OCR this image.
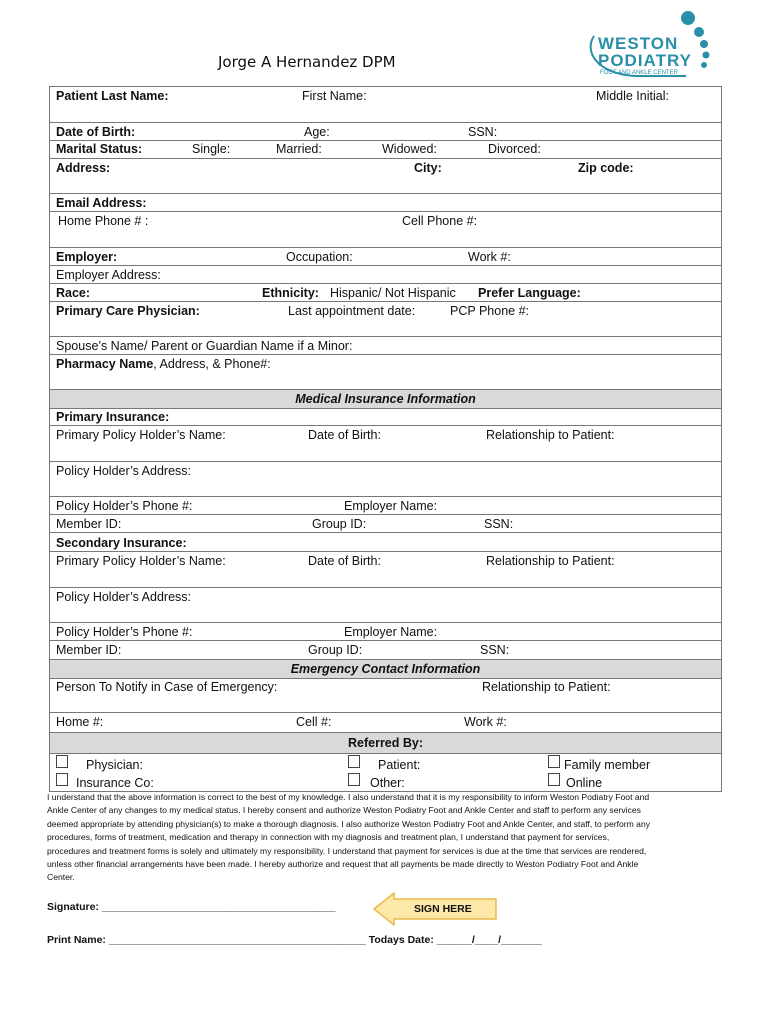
Jorge A Hernandez DPM
WESTON
PODIATRY
FOOT AND ANKLE CENTER
Patient Last Name:	First Name:	Middle Initial:
Date of Birth:	Age:	SSN:
Marital Status:	Single:	Married:	Widowed:	Divorced:
Address:	City:	Zip code:
Email Address:
Home Phone # :	Cell Phone #:
Employer:	Occupation:	Work #:
Employer Address:
Race:	Ethnicity: Hispanic/ Not Hispanic Prefer Language:
Primary Care Physician:	Last appointment date:	PCP Phone #:
Spouse’s Name/ Parent or Guardian Name if a Minor:
Pharmacy Name, Address, & Phone#:
Medical Insurance Information
Primary Insurance:
Primary Policy Holder’s Name:	Date of Birth:	Relationship to Patient:
Policy Holder’s Address:
Policy Holder’s Phone #:	Employer Name:
Member ID:	Group ID:	SSN:
Secondary Insurance:
Primary Policy Holder’s Name:	Date of Birth:	Relationship to Patient:
Policy Holder’s Address:
Policy Holder’s Phone #:	Employer Name:
Member ID:	Group ID:	SSN:
Emergency Contact Information
Person To Notify in Case of Emergency:	Relationship to Patient:
Home #:	Cell #:	Work #:
Referred By:
Physician:	Patient:	Family member
Insurance Co:	Other:	Online
I understand that the above information is correct to the best of my knowledge. I also understand that it is my responsibility to inform Weston Podiatry Foot and Ankle Center of any changes to my medical status. I hereby consent and authorize Weston Podiatry Foot and Ankle Center and staff to perform any services deemed appropriate by attending physician(s) to make a thorough diagnosis. I also authorize Weston Podiatry Foot and Ankle Center, and staff, to perform any procedures, forms of treatment, medication and therapy in connection with my diagnosis and treatment plan, I understand that payment for services, procedures and treatment forms is solely and ultimately my responsibility. I understand that payment for services is due at the time that services are rendered, unless other financial arrangements have been made. I hereby authorize and request that all payments be made directly to Weston Podiatry Foot and Ankle Center.
Signature: ________________________________________	SIGN HERE
Print Name: ____________________________________________ Todays Date: ______/____/_______
